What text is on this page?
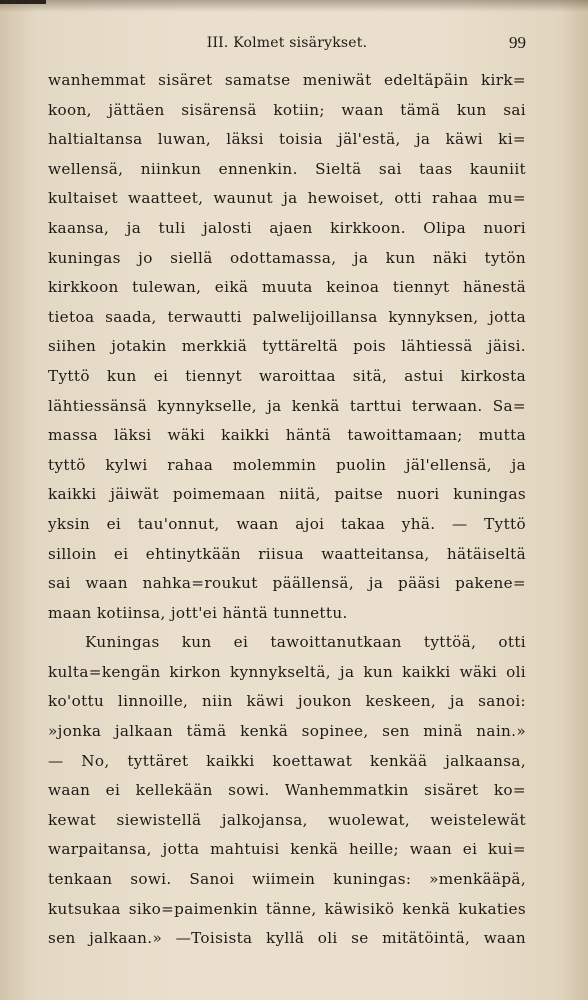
III. Kolmet sisärykset.	99
wanhemmat sisäret samatse meniwät edeltäpäin kirk=
koon, jättäen sisärensä kotiin; waan tämä kun sai
haltialtansa luwan, läksi toisia jäl'estä, ja käwi ki=
wellensä, niinkun ennenkin. Sieltä sai taas kauniit
kultaiset waatteet, waunut ja hewoiset, otti rahaa mu=
kaansa, ja tuli jalosti ajaen kirkkoon. Olipa nuori
kuningas jo siellä odottamassa, ja kun näki tytön
kirkkoon tulewan, eikä muuta keinoa tiennyt hänestä
tietoa saada, terwautti palwelijoillansa kynnyksen, jotta
siihen jotakin merkkiä tyttäreltä pois lähtiessä jäisi.
Tyttö kun ei tiennyt waroittaa sitä, astui kirkosta
lähtiessänsä kynnykselle, ja kenkä tarttui terwaan. Sa=
massa läksi wäki kaikki häntä tawoittamaan; mutta
tyttö kylwi rahaa molemmin puolin jäl'ellensä, ja
kaikki jäiwät poimemaan niitä, paitse nuori kuningas
yksin ei tau'onnut, waan ajoi takaa yhä. — Tyttö
silloin ei ehtinytkään riisua waatteitansa, hätäiseltä
sai waan nahka=roukut päällensä, ja pääsi pakene=
maan kotiinsa, jott'ei häntä tunnettu.
Kuningas kun ei tawoittanutkaan tyttöä, otti
kulta=kengän kirkon kynnykseltä, ja kun kaikki wäki oli
ko'ottu linnoille, niin käwi joukon keskeen, ja sanoi:
»jonka jalkaan tämä kenkä sopinee, sen minä nain.»
— No, tyttäret kaikki koettawat kenkää jalkaansa,
waan ei kellekään sowi. Wanhemmatkin sisäret ko=
kewat siewistellä jalkojansa, wuolewat, weistelewät
warpaitansa, jotta mahtuisi kenkä heille; waan ei kui=
tenkaan sowi. Sanoi wiimein kuningas: »menkääpä,
kutsukaa siko=paimenkin tänne, käwisikö kenkä kukaties
sen jalkaan.» —Toisista kyllä oli se mitätöintä, waan
